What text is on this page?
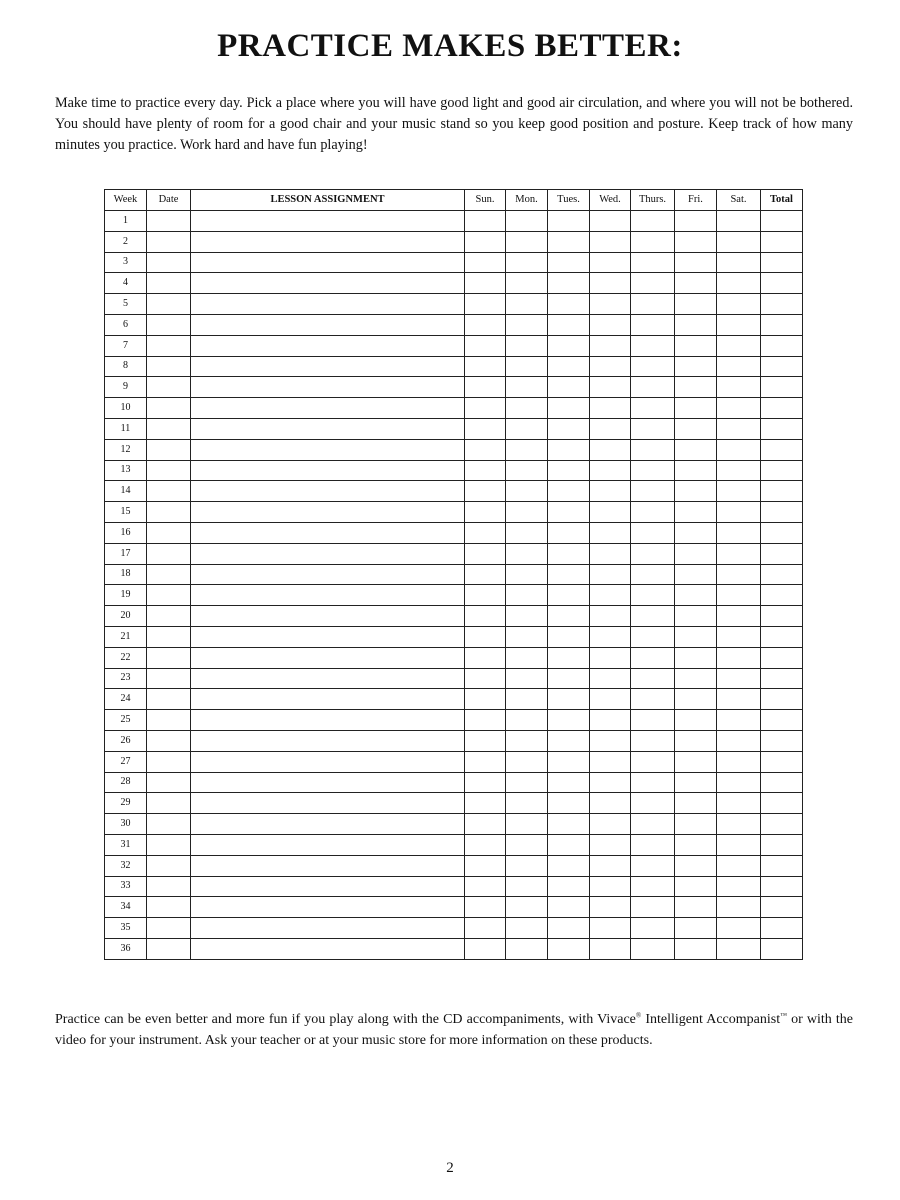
PRACTICE MAKES BETTER:

Make time to practice every day. Pick a place where you will have good light and good air circulation, and where you will not be bothered. You should have plenty of room for a good chair and your music stand so you keep good position and posture. Keep track of how many minutes you practice. Work hard and have fun playing!

Week	Date	LESSON ASSIGNMENT	Sun.	Mon.	Tues.	Wed.	Thurs.	Fri.	Sat.	Total
1										
2										
3										
4										
5										
6										
7										
8										
9										
10										
11										
12										
13										
14										
15										
16										
17										
18										
19										
20										
21										
22										
23										
24										
25										
26										
27										
28										
29										
30										
31										
32										
33										
34										
35										
36										

Practice can be even better and more fun if you play along with the CD accompaniments, with Vivace® Intelligent Accompanist™ or with the video for your instrument. Ask your teacher or at your music store for more information on these products.

2
